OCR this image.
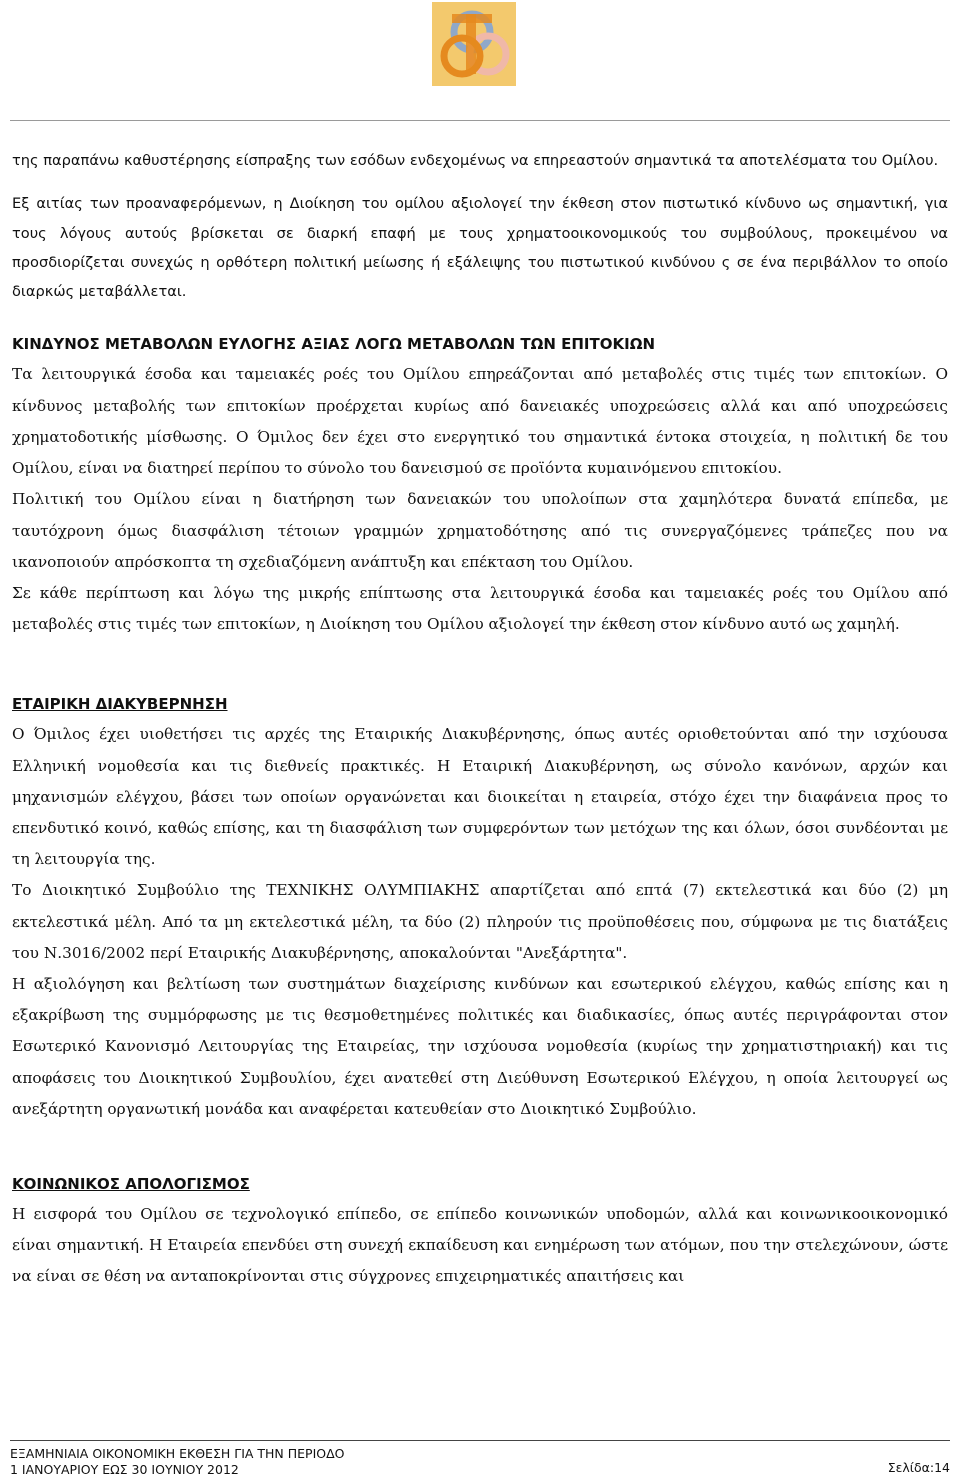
της παραπάνω καθυστέρησης είσπραξης των εσόδων ενδεχομένως να επηρεαστούν σημαντικά τα αποτελέσματα του Ομίλου.

Εξ αιτίας των προαναφερόμενων, η Διοίκηση του ομίλου αξιολογεί την έκθεση στον πιστωτικό κίνδυνο ως σημαντική, για τους λόγους αυτούς βρίσκεται σε διαρκή επαφή με τους χρηματοοικονομικούς του συμβούλους, προκειμένου να προσδιορίζεται συνεχώς η ορθότερη πολιτική μείωσης ή εξάλειψης του πιστωτικού κινδύνου ς σε ένα περιβάλλον το οποίο διαρκώς μεταβάλλεται.

ΚΙΝΔΥΝΟΣ ΜΕΤΑΒΟΛΩΝ ΕΥΛΟΓΗΣ ΑΞΙΑΣ ΛΟΓΩ ΜΕΤΑΒΟΛΩΝ ΤΩΝ ΕΠΙΤΟΚΙΩΝ

Τα λειτουργικά έσοδα και ταμειακές ροές του Ομίλου επηρεάζονται από μεταβολές στις τιμές των επιτοκίων. Ο κίνδυνος μεταβολής των επιτοκίων προέρχεται κυρίως από δανειακές υποχρεώσεις αλλά και από υποχρεώσεις χρηματοδοτικής μίσθωσης. Ο Όμιλος δεν έχει στο ενεργητικό του σημαντικά έντοκα στοιχεία, η πολιτική δε του Ομίλου, είναι να διατηρεί περίπου το σύνολο του δανεισμού σε προϊόντα κυμαινόμενου επιτοκίου.

Πολιτική του Ομίλου είναι η διατήρηση των δανειακών του υπολοίπων στα χαμηλότερα δυνατά επίπεδα, με ταυτόχρονη όμως διασφάλιση τέτοιων γραμμών χρηματοδότησης από τις συνεργαζόμενες τράπεζες που να ικανοποιούν απρόσκοπτα τη σχεδιαζόμενη ανάπτυξη και επέκταση του Ομίλου.

Σε κάθε περίπτωση και λόγω της μικρής επίπτωσης στα λειτουργικά έσοδα και ταμειακές ροές του Ομίλου από μεταβολές στις τιμές των επιτοκίων, η Διοίκηση του Ομίλου αξιολογεί την έκθεση στον κίνδυνο αυτό ως χαμηλή.

ΕΤΑΙΡΙΚΗ ΔΙΑΚΥΒΕΡΝΗΣΗ

Ο Όμιλος έχει υιοθετήσει τις αρχές της Εταιρικής Διακυβέρνησης, όπως αυτές οριοθετούνται από την ισχύουσα Ελληνική νομοθεσία και τις διεθνείς πρακτικές. Η Εταιρική Διακυβέρνηση, ως σύνολο κανόνων, αρχών και μηχανισμών ελέγχου, βάσει των οποίων οργανώνεται και διοικείται η εταιρεία, στόχο έχει την διαφάνεια προς το επενδυτικό κοινό, καθώς επίσης, και τη διασφάλιση των συμφερόντων των μετόχων της και όλων, όσοι συνδέονται με τη λειτουργία της.

Το Διοικητικό Συμβούλιο της ΤΕΧΝΙΚΗΣ ΟΛΥΜΠΙΑΚΗΣ απαρτίζεται από επτά (7) εκτελεστικά και δύο (2) μη εκτελεστικά μέλη. Από τα μη εκτελεστικά μέλη, τα δύο (2) πληρούν τις προϋποθέσεις που, σύμφωνα με τις διατάξεις του Ν.3016/2002 περί Εταιρικής Διακυβέρνησης, αποκαλούνται "Ανεξάρτητα".

Η αξιολόγηση και βελτίωση των συστημάτων διαχείρισης κινδύνων και εσωτερικού ελέγχου, καθώς επίσης και η εξακρίβωση της συμμόρφωσης με τις θεσμοθετημένες πολιτικές και διαδικασίες, όπως αυτές περιγράφονται στον Εσωτερικό Κανονισμό Λειτουργίας της Εταιρείας, την ισχύουσα νομοθεσία (κυρίως την χρηματιστηριακή) και τις αποφάσεις του Διοικητικού Συμβουλίου, έχει ανατεθεί στη Διεύθυνση Εσωτερικού Ελέγχου, η οποία λειτουργεί ως ανεξάρτητη οργανωτική μονάδα και αναφέρεται κατευθείαν στο Διοικητικό Συμβούλιο.

ΚΟΙΝΩΝΙΚΟΣ ΑΠΟΛΟΓΙΣΜΟΣ

Η εισφορά του Ομίλου σε τεχνολογικό επίπεδο, σε επίπεδο κοινωνικών υποδομών, αλλά και κοινωνικοοικονομικό είναι σημαντική. Η Εταιρεία επενδύει στη συνεχή εκπαίδευση και ενημέρωση των ατόμων, που την στελεχώνουν, ώστε να είναι σε θέση να ανταποκρίνονται στις σύγχρονες επιχειρηματικές απαιτήσεις και

ΕΞΑΜΗΝΙΑΙΑ ΟΙΚΟΝΟΜΙΚΗ ΕΚΘΕΣΗ ΓΙΑ ΤΗΝ ΠΕΡΙΟΔΟ
1 ΙΑΝΟΥΑΡΙΟΥ ΕΩΣ 30 ΙΟΥΝΙΟΥ 2012	Σελίδα:14
